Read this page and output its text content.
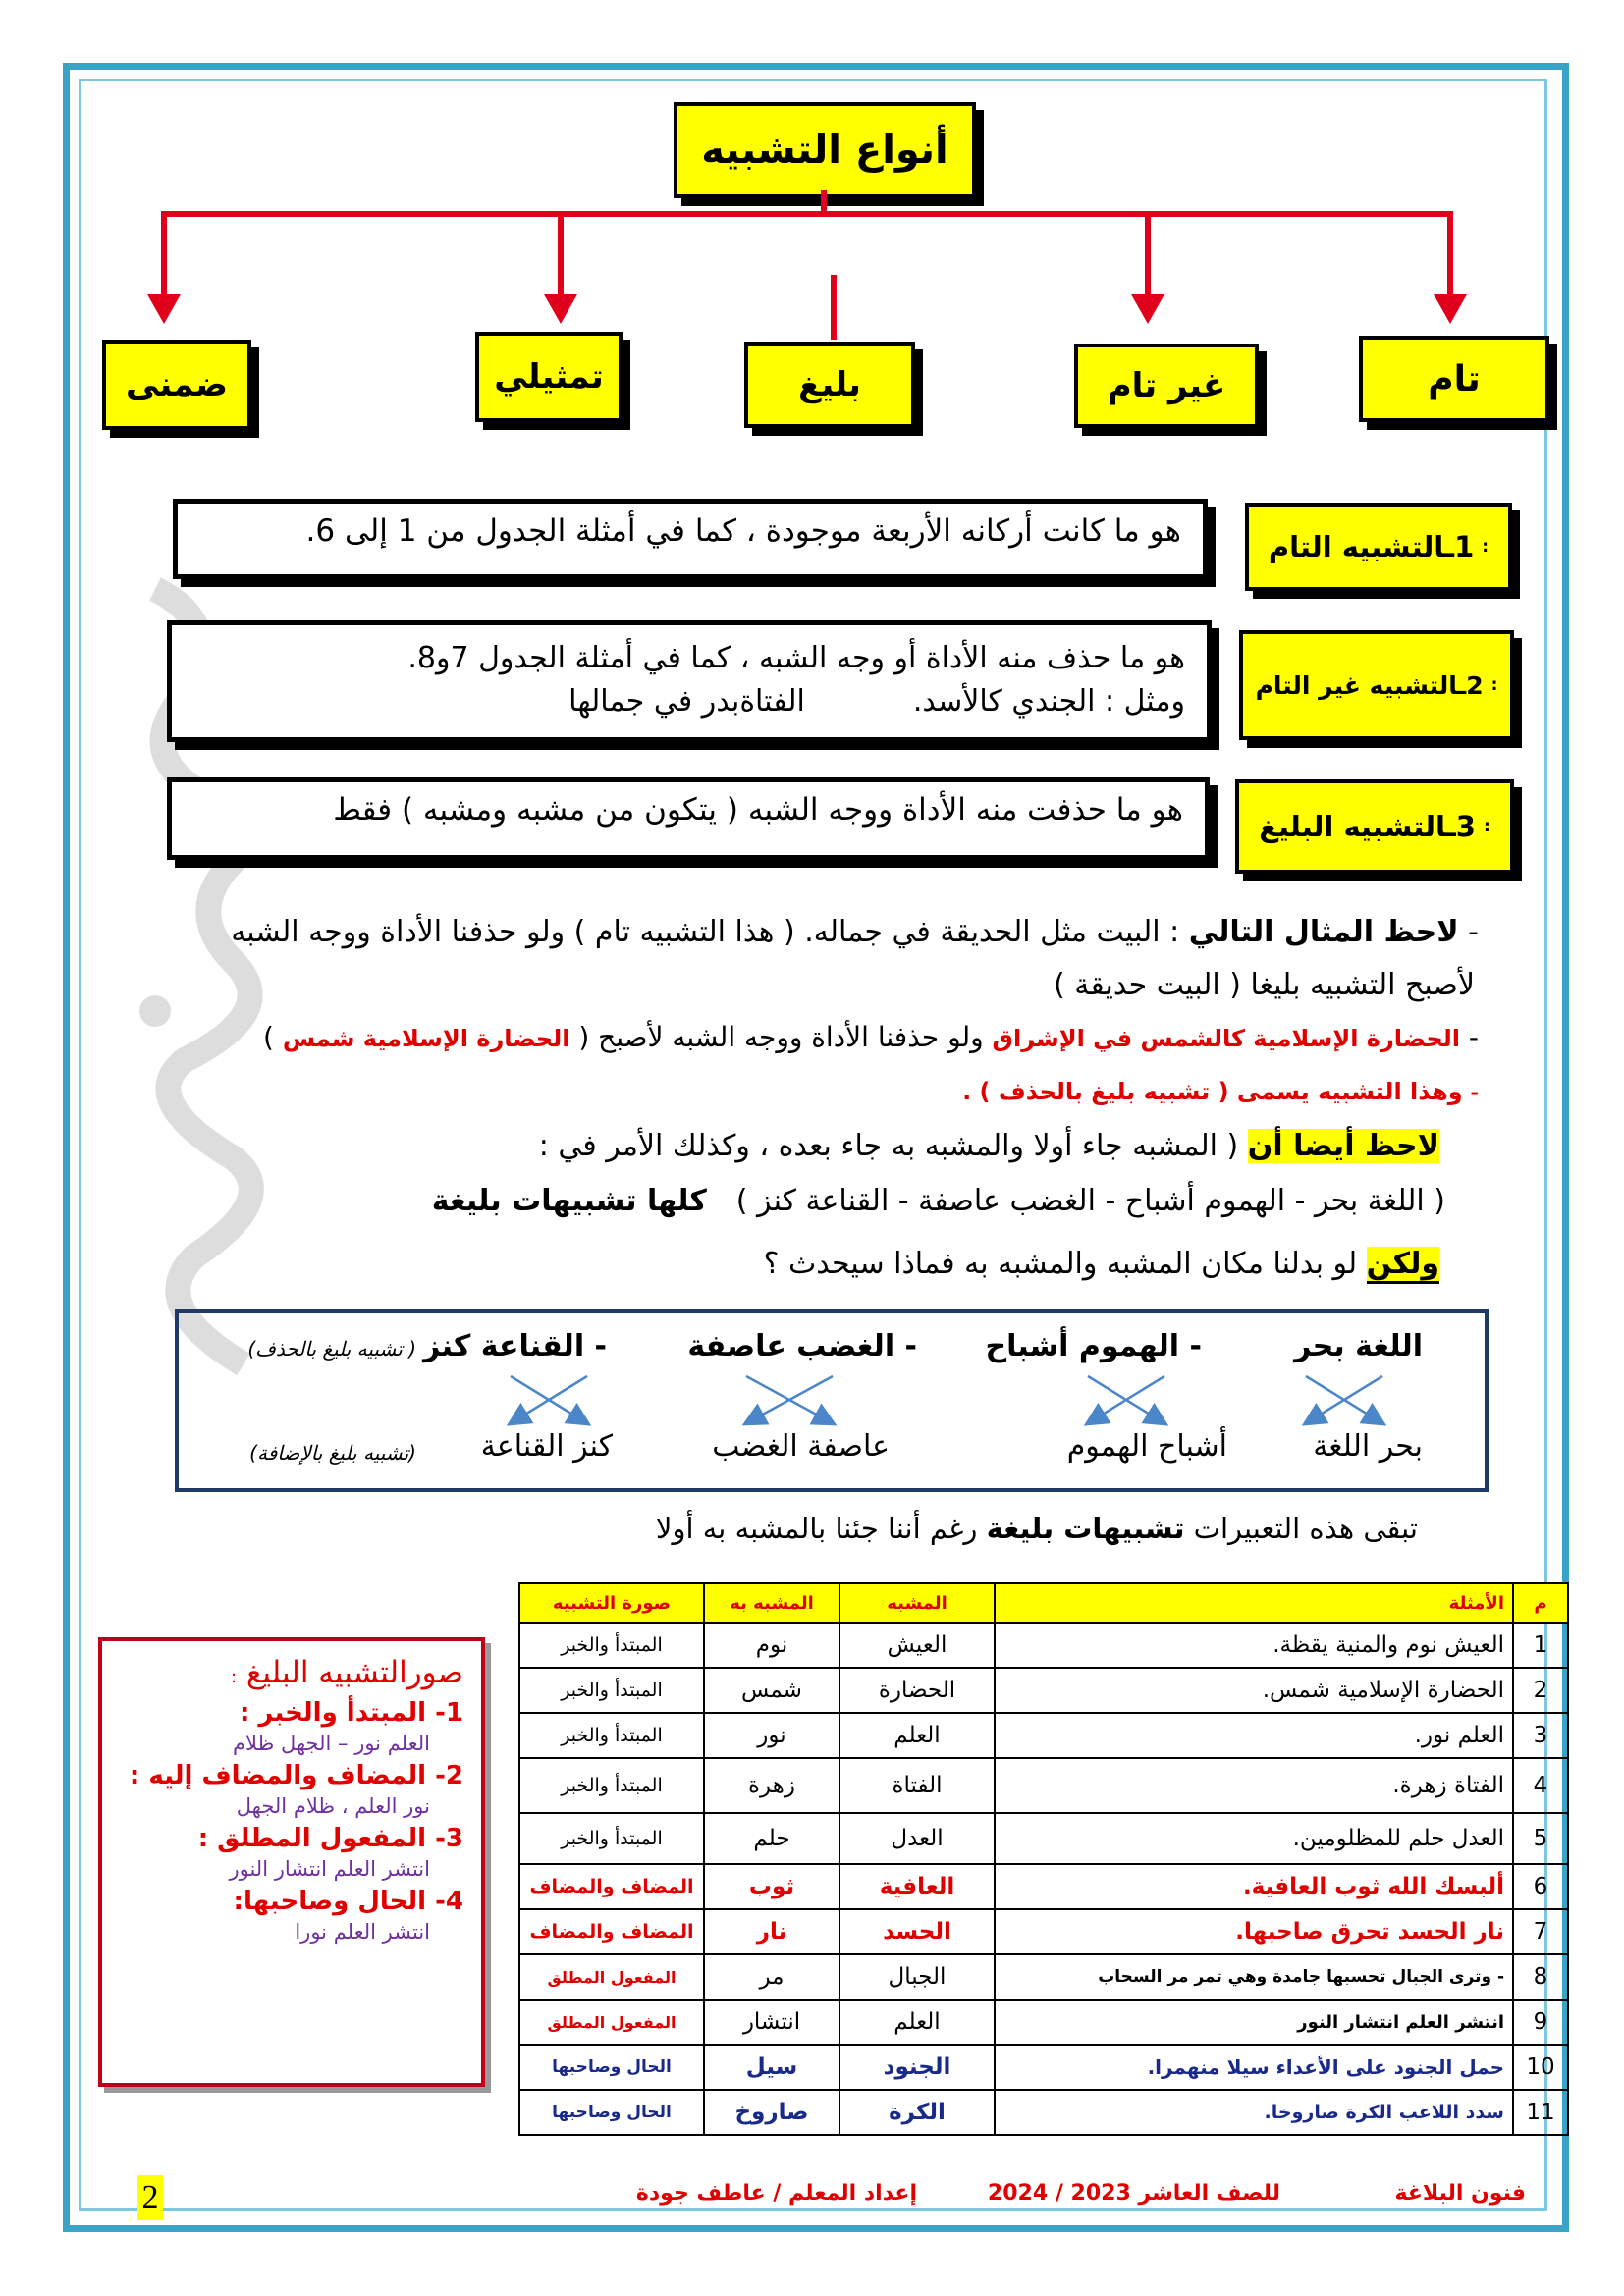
أنواع التشبيه
تام
غير تام
بليغ
تمثيلي
ضمنى
:
1ـالتشبيه التام
هو ما كانت أركانه الأربعة موجودة ، كما في أمثلة الجدول من 1 إلى 6.
:
2ـالتشبيه غير التام
هو ما حذف منه الأداة أو وجه الشبه ، كما في أمثلة الجدول 7و8.
ومثل : الجندي كالأسد.الفتاةبدر في جمالها
:
3ـالتشبيه البليغ
هو ما حذفت منه الأداة ووجه الشبه ( يتكون من مشبه ومشبه ) فقط
- لاحظ المثال التالي : البيت مثل الحديقة في جماله. ( هذا التشبيه تام ) ولو حذفنا الأداة ووجه الشبه
لأصبح التشبيه بليغا ( البيت حديقة )
- الحضارة الإسلامية كالشمس في الإشراق ولو حذفنا الأداة ووجه الشبه لأصبح ( الحضارة الإسلامية شمس )
- وهذا التشبيه يسمى ( تشبيه بليغ بالحذف ) .
لاحظ أيضا أن ( المشبه جاء أولا والمشبه به جاء بعده ، وكذلك الأمر في :
( اللغة بحر - الهموم أشباح - الغضب عاصفة - القناعة كنز )كلها تشبيهات بليغة
ولكن لو بدلنا مكان المشبه والمشبه به فماذا سيحدث ؟
اللغة بحر
- الهموم أشباح
- الغضب عاصفة
- القناعة كنز
( تشبيه بليغ بالحذف)
بحر اللغة
أشباح الهموم
عاصفة الغضب
كنز القناعة
(تشبيه بليغ بالإضافة)
تبقى هذه التعبيرات تشبيهات بليغة رغم أننا جئنا بالمشبه به أولا
م	الأمثلة	المشبه	المشبه به	صورة التشبيه
1	العيش نوم والمنية يقظة.	العيش	نوم	المبتدأ والخبر
2	الحضارة الإسلامية شمس.	الحضارة	شمس	المبتدأ والخبر
3	العلم نور.	العلم	نور	المبتدأ والخبر
4	الفتاة زهرة.	الفتاة	زهرة	المبتدأ والخبر
5	العدل حلم للمظلومين.	العدل	حلم	المبتدأ والخبر
6	ألبسك الله ثوب العافية.	العافية	ثوب	المضاف والمضاف
7	نار الحسد تحرق صاحبها.	الحسد	نار	المضاف والمضاف
8	- وترى الجبال تحسبها جامدة وهي تمر مر السحاب	الجبال	مر	المفعول المطلق
9	انتشر العلم انتشار النور	العلم	انتشار	المفعول المطلق
10	حمل الجنود على الأعداء سيلا منهمرا.	الجنود	سيل	الحال وصاحبها
11	سدد اللاعب الكرة صاروخا.	الكرة	صاروخ	الحال وصاحبها
صورالتشبيه البليغ :
1- المبتدأ والخبر :
العلم نور – الجهل ظلام
2- المضاف والمضاف إليه :
نور العلم ، ظلام الجهل
3- المفعول المطلق :
انتشر العلم انتشار النور
4- الحال وصاحبها:
انتشر العلم نورا
2	فنون البلاغة
للصف العاشر 2023 / 2024
إعداد المعلم / عاطف جودة
